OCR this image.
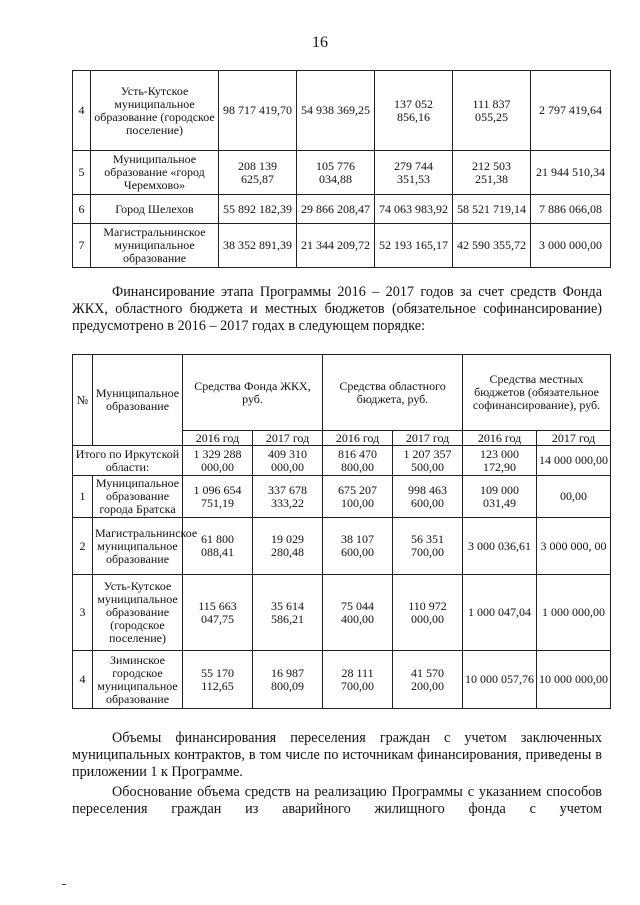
16
4	Усть-Кутское муниципальное образование (городское поселение)	98 717 419,70	54 938 369,25	137 052 856,16	111 837 055,25	2 797 419,64
5	Муниципальное образование «город Черемхово»	208 139 625,87	105 776 034,88	279 744 351,53	212 503 251,38	21 944 510,34
6	Город Шелехов	55 892 182,39	29 866 208,47	74 063 983,92	58 521 719,14	7 886 066,08
7	Магистральнинское муниципальное образование	38 352 891,39	21 344 209,72	52 193 165,17	42 590 355,72	3 000 000,00
Финансирование этапа Программы 2016 – 2017 годов за счет средств Фонда ЖКХ, областного бюджета и местных бюджетов (обязательное софинансирование) предусмотрено в 2016 – 2017 годах в следующем порядке:
№	Муниципальное образование	Средства Фонда ЖКХ, руб.		Средства областного бюджета, руб.		Средства местных бюджетов (обязательное софинансирование), руб.	
		2016 год	2017 год	2016 год	2017 год	2016 год	2017 год
Итого по Иркутской области:		1 329 288 000,00	409 310 000,00	816 470 800,00	1 207 357 500,00	123 000 172,90	14 000 000,00
1	Муниципальное образование города Братска	1 096 654 751,19	337 678 333,22	675 207 100,00	998 463 600,00	109 000 031,49	00,00
2	Магистральнинское муниципальное образование	61 800 088,41	19 029 280,48	38 107 600,00	56 351 700,00	3 000 036,61	3 000 000, 00
3	Усть-Кутское муниципальное образование (городское поселение)	115 663 047,75	35 614 586,21	75 044 400,00	110 972 000,00	1 000 047,04	1 000 000,00
4	Зиминское городское муниципальное образование	55 170 112,65	16 987 800,09	28 111 700,00	41 570 200,00	10 000 057,76	10 000 000,00
Объемы финансирования переселения граждан с учетом заключенных муниципальных контрактов, в том числе по источникам финансирования, приведены в приложении 1 к Программе.
Обоснование объема средств на реализацию Программы с указанием способов переселения граждан из аварийного жилищного фонда с учетом
